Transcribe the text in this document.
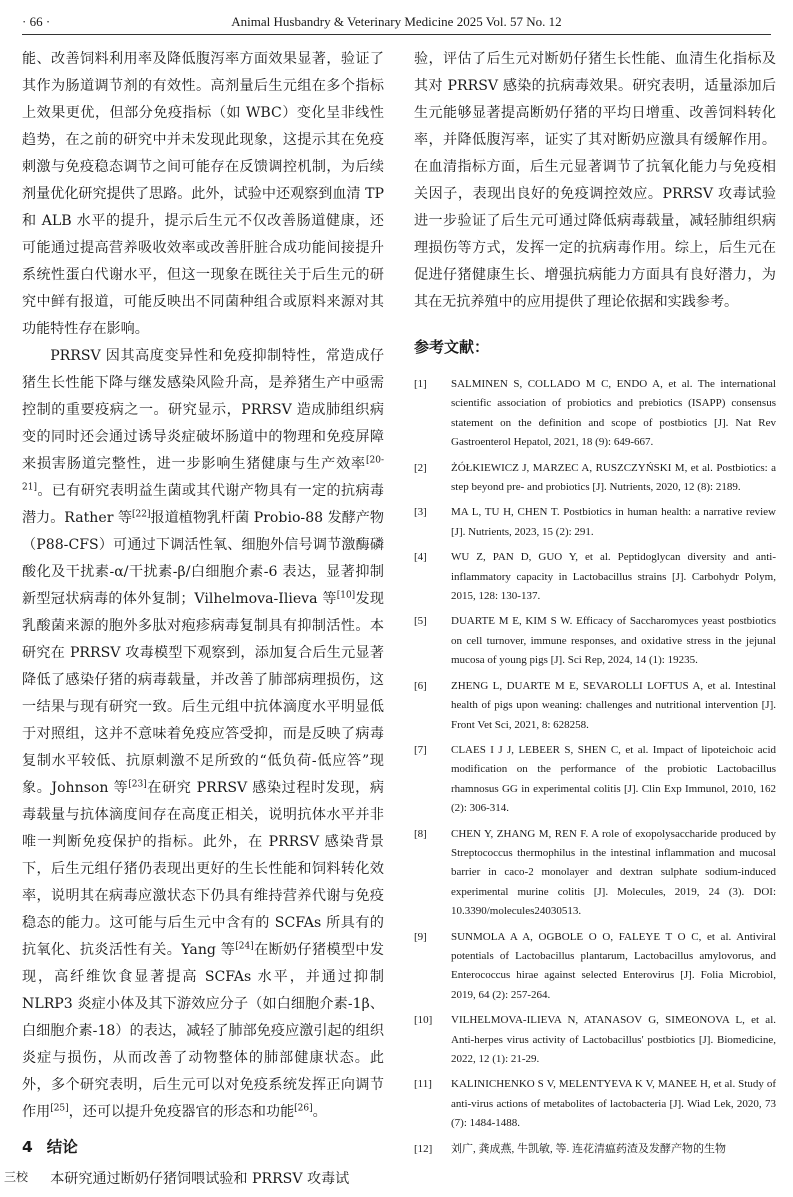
· 66 ·	Animal Husbandry & Veterinary Medicine 2025 Vol. 57 No. 12

能、改善饲料利用率及降低腹泻率方面效果显著，验证了其作为肠道调节剂的有效性。高剂量后生元组在多个指标上效果更优，但部分免疫指标（如 WBC）变化呈非线性趋势，在之前的研究中并未发现此现象，这提示其在免疫刺激与免疫稳态调节之间可能存在反馈调控机制，为后续剂量优化研究提供了思路。此外，试验中还观察到血清 TP 和 ALB 水平的提升，提示后生元不仅改善肠道健康，还可能通过提高营养吸收效率或改善肝脏合成功能间接提升系统性蛋白代谢水平，但这一现象在既往关于后生元的研究中鲜有报道，可能反映出不同菌种组合或原料来源对其功能特性存在影响。

PRRSV 因其高度变异性和免疫抑制特性，常造成仔猪生长性能下降与继发感染风险升高，是养猪生产中亟需控制的重要疫病之一。研究显示，PRRSV 造成肺组织病变的同时还会通过诱导炎症破坏肠道中的物理和免疫屏障来损害肠道完整性，进一步影响生猪健康与生产效率[20-21]。已有研究表明益生菌或其代谢产物具有一定的抗病毒潜力。Rather 等[22]报道植物乳杆菌 Probio-88 发酵产物（P88-CFS）可通过下调活性氧、细胞外信号调节激酶磷酸化及干扰素-α/干扰素-β/白细胞介素-6 表达，显著抑制新型冠状病毒的体外复制；Vilhelmova-Ilieva 等[10]发现乳酸菌来源的胞外多肽对疱疹病毒复制具有抑制活性。本研究在 PRRSV 攻毒模型下观察到，添加复合后生元显著降低了感染仔猪的病毒载量，并改善了肺部病理损伤，这一结果与现有研究一致。后生元组中抗体滴度水平明显低于对照组，这并不意味着免疫应答受抑，而是反映了病毒复制水平较低、抗原刺激不足所致的“低负荷-低应答”现象。Johnson 等[23]在研究 PRRSV 感染过程时发现，病毒载量与抗体滴度间存在高度正相关，说明抗体水平并非唯一判断免疫保护的指标。此外，在 PRRSV 感染背景下，后生元组仔猪仍表现出更好的生长性能和饲料转化效率，说明其在病毒应激状态下仍具有维持营养代谢与免疫稳态的能力。这可能与后生元中含有的 SCFAs 所具有的抗氧化、抗炎活性有关。Yang 等[24]在断奶仔猪模型中发现，高纤维饮食显著提高 SCFAs 水平，并通过抑制 NLRP3 炎症小体及其下游效应分子（如白细胞介素-1β、白细胞介素-18）的表达，减轻了肺部免疫应激引起的组织炎症与损伤，从而改善了动物整体的肺部健康状态。此外，多个研究表明，后生元可以对免疫系统发挥正向调节作用[25]，还可以提升免疫器官的形态和功能[26]。

4 结论

本研究通过断奶仔猪饲喂试验和 PRRSV 攻毒试

验，评估了后生元对断奶仔猪生长性能、血清生化指标及其对 PRRSV 感染的抗病毒效果。研究表明，适量添加后生元能够显著提高断奶仔猪的平均日增重、改善饲料转化率，并降低腹泻率，证实了其对断奶应激具有缓解作用。在血清指标方面，后生元显著调节了抗氧化能力与免疫相关因子，表现出良好的免疫调控效应。PRRSV 攻毒试验进一步验证了后生元可通过降低病毒载量，减轻肺组织病理损伤等方式，发挥一定的抗病毒作用。综上，后生元在促进仔猪健康生长、增强抗病能力方面具有良好潜力，为其在无抗养殖中的应用提供了理论依据和实践参考。

参考文献：
[1]	SALMINEN S, COLLADO M C, ENDO A, et al. The international scientific association of probiotics and prebiotics (ISAPP) consensus statement on the definition and scope of postbiotics [J]. Nat Rev Gastroenterol Hepatol, 2021, 18 (9): 649-667.
[2]	ŻÓŁKIEWICZ J, MARZEC A, RUSZCZYŃSKI M, et al. Postbiotics: a step beyond pre- and probiotics [J]. Nutrients, 2020, 12 (8): 2189.
[3]	MA L, TU H, CHEN T. Postbiotics in human health: a narrative review [J]. Nutrients, 2023, 15 (2): 291.
[4]	WU Z, PAN D, GUO Y, et al. Peptidoglycan diversity and anti-inflammatory capacity in Lactobacillus strains [J]. Carbohydr Polym, 2015, 128: 130-137.
[5]	DUARTE M E, KIM S W. Efficacy of Saccharomyces yeast postbiotics on cell turnover, immune responses, and oxidative stress in the jejunal mucosa of young pigs [J]. Sci Rep, 2024, 14 (1): 19235.
[6]	ZHENG L, DUARTE M E, SEVAROLLI LOFTUS A, et al. Intestinal health of pigs upon weaning: challenges and nutritional intervention [J]. Front Vet Sci, 2021, 8: 628258.
[7]	CLAES I J J, LEBEER S, SHEN C, et al. Impact of lipoteichoic acid modification on the performance of the probiotic Lactobacillus rhamnosus GG in experimental colitis [J]. Clin Exp Immunol, 2010, 162 (2): 306-314.
[8]	CHEN Y, ZHANG M, REN F. A role of exopolysaccharide produced by Streptococcus thermophilus in the intestinal inflammation and mucosal barrier in caco-2 monolayer and dextran sulphate sodium-induced experimental murine colitis [J]. Molecules, 2019, 24 (3). DOI: 10.3390/molecules24030513.
[9]	SUNMOLA A A, OGBOLE O O, FALEYE T O C, et al. Antiviral potentials of Lactobacillus plantarum, Lactobacillus amylovorus, and Enterococcus hirae against selected Enterovirus [J]. Folia Microbiol, 2019, 64 (2): 257-264.
[10]	VILHELMOVA-ILIEVA N, ATANASOV G, SIMEONOVA L, et al. Anti-herpes virus activity of Lactobacillus' postbiotics [J]. Biomedicine, 2022, 12 (1): 21-29.
[11]	KALINICHENKO S V, MELENTYEVA K V, MANEE H, et al. Study of anti-virus actions of metabolites of lactobacteria [J]. Wiad Lek, 2020, 73 (7): 1484-1488.
[12]	刘广, 龚成燕, 牛凯敏, 等. 连花清瘟药渣及发酵产物的生物
三校
